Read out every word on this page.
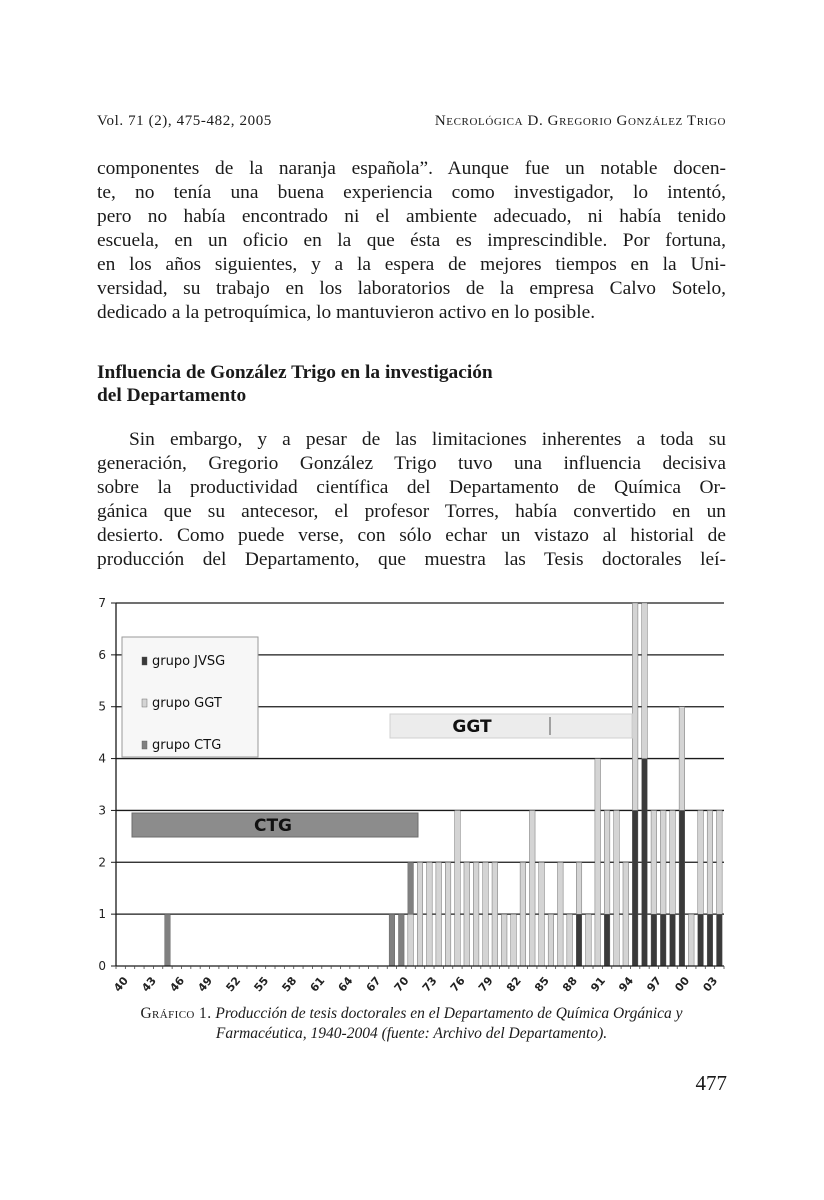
Vol. 71 (2), 475-482, 2005	Necrológica D. Gregorio González Trigo
componentes de la naranja española”. Aunque fue un notable docen-
te, no tenía una buena experiencia como investigador, lo intentó,
pero no había encontrado ni el ambiente adecuado, ni había tenido
escuela, en un oficio en la que ésta es imprescindible. Por fortuna,
en los años siguientes, y a la espera de mejores tiempos en la Uni-
versidad, su trabajo en los laboratorios de la empresa Calvo Sotelo,
dedicado a la petroquímica, lo mantuvieron activo en lo posible.
Influencia de González Trigo en la investigación
del Departamento
Sin embargo, y a pesar de las limitaciones inherentes a toda su
generación, Gregorio González Trigo tuvo una influencia decisiva
sobre la productividad científica del Departamento de Química Or-
gánica que su antecesor, el profesor Torres, había convertido en un
desierto. Como puede verse, con sólo echar un vistazo al historial de
producción del Departamento, que muestra las Tesis doctorales leí-
0
1
2
3
4
5
6
7
40 43 46 49 52 55 58 61 64 67 70 73 76 79 82 85 88 91 94 97 00 03
GGT
CTG
grupo JVSG
grupo GGT
grupo CTG

Gráfico 1. Producción de tesis doctorales en el Departamento de Química Orgánica y Farmacéutica, 1940-2004 (fuente: Archivo del Departamento).

477
